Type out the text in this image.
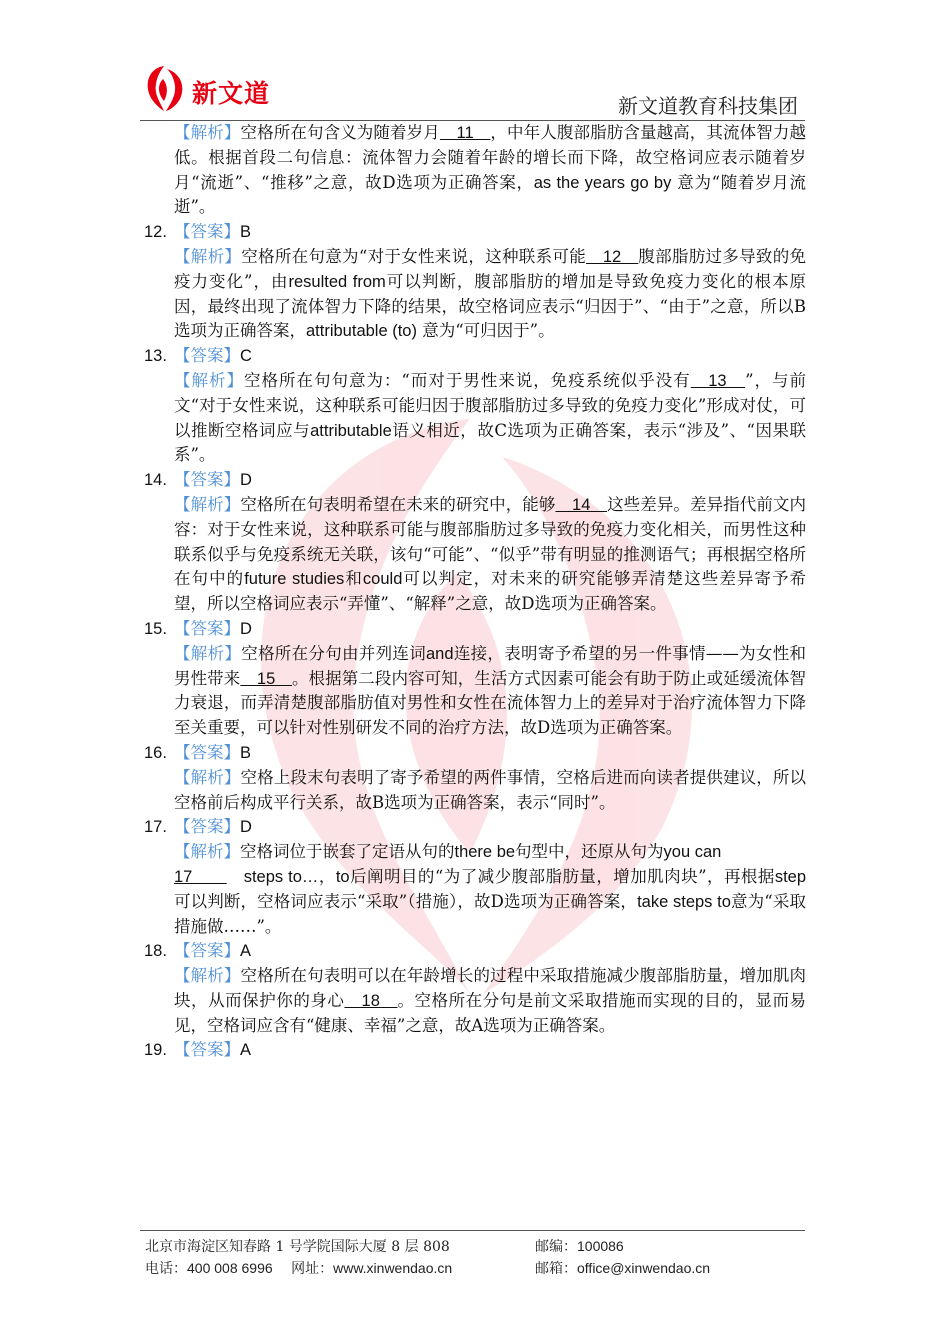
新文道	新文道教育科技集团
【解析】空格所在句含义为随着岁月　11　，中年人腹部脂肪含量越高，其流体智力越低。根据首段二句信息：流体智力会随着年龄的增长而下降，故空格词应表示随着岁月“流逝”、“推移”之意，故D选项为正确答案，as the years go by 意为“随着岁月流逝”。
12. 【答案】B
【解析】空格所在句意为“对于女性来说，这种联系可能　12　腹部脂肪过多导致的免疫力变化”，由resulted from可以判断，腹部脂肪的增加是导致免疫力变化的根本原因，最终出现了流体智力下降的结果，故空格词应表示“归因于”、“由于”之意，所以B选项为正确答案，attributable (to) 意为“可归因于”。
13. 【答案】C
【解析】空格所在句句意为：“而对于男性来说，免疫系统似乎没有　13　”，与前文“对于女性来说，这种联系可能归因于腹部脂肪过多导致的免疫力变化”形成对仗，可以推断空格词应与attributable语义相近，故C选项为正确答案，表示“涉及”、“因果联系”。
14. 【答案】D
【解析】空格所在句表明希望在未来的研究中，能够　14　这些差异。差异指代前文内容：对于女性来说，这种联系可能与腹部脂肪过多导致的免疫力变化相关，而男性这种联系似乎与免疫系统无关联，该句“可能”、“似乎”带有明显的推测语气；再根据空格所在句中的future studies和could可以判定，对未来的研究能够弄清楚这些差异寄予希望，所以空格词应表示“弄懂”、“解释”之意，故D选项为正确答案。
15. 【答案】D
【解析】空格所在分句由并列连词and连接，表明寄予希望的另一件事情——为女性和男性带来　15　。根据第二段内容可知，生活方式因素可能会有助于防止或延缓流体智力衰退，而弄清楚腹部脂肪值对男性和女性在流体智力上的差异对于治疗流体智力下降至关重要，可以针对性别研发不同的治疗方法，故D选项为正确答案。
16. 【答案】B
【解析】空格上段末句表明了寄予希望的两件事情，空格后进而向读者提供建议，所以空格前后构成平行关系，故B选项为正确答案，表示“同时”。
17. 【答案】D
【解析】空格词位于嵌套了定语从句的there be句型中，还原从句为you can
17　　　steps to…，to后阐明目的“为了减少腹部脂肪量，增加肌肉块”，再根据step可以判断，空格词应表示“采取”（措施），故D选项为正确答案，take steps to意为“采取措施做……”。
18. 【答案】A
【解析】空格所在句表明可以在年龄增长的过程中采取措施减少腹部脂肪量，增加肌肉块，从而保护你的身心　18　。空格所在分句是前文采取措施而实现的目的，显而易见，空格词应含有“健康、幸福”之意，故A选项为正确答案。
19. 【答案】A
北京市海淀区知春路 1 号学院国际大厦 8 层 808	邮编：100086
电话：400 008 6996 网址：www.xinwendao.cn	邮箱：office@xinwendao.cn
